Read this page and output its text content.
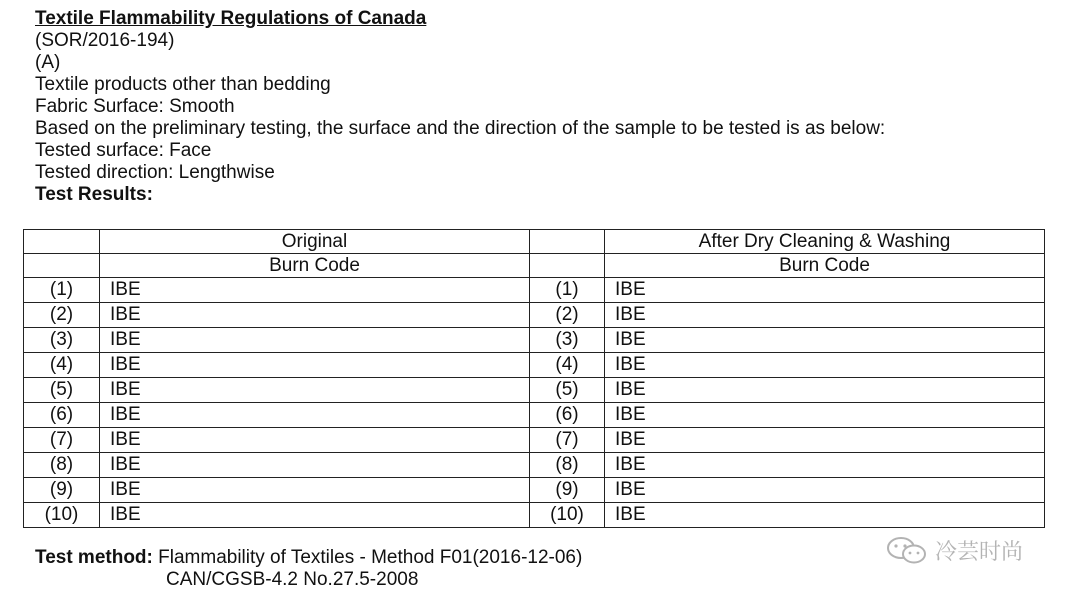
Textile Flammability Regulations of Canada
(SOR/2016-194)
(A)
Textile products other than bedding
Fabric Surface: Smooth
Based on the preliminary testing, the surface and the direction of the sample to be tested is as below:
Tested surface: Face
Tested direction: Lengthwise
Test Results:
	Original		After Dry Cleaning & Washing
	Burn Code		Burn Code
(1)	IBE	(1)	IBE
(2)	IBE	(2)	IBE
(3)	IBE	(3)	IBE
(4)	IBE	(4)	IBE
(5)	IBE	(5)	IBE
(6)	IBE	(6)	IBE
(7)	IBE	(7)	IBE
(8)	IBE	(8)	IBE
(9)	IBE	(9)	IBE
(10)	IBE	(10)	IBE
Test method: Flammability of Textiles - Method F01(2016-12-06)
CAN/CGSB-4.2 No.27.5-2008
冷芸时尚
